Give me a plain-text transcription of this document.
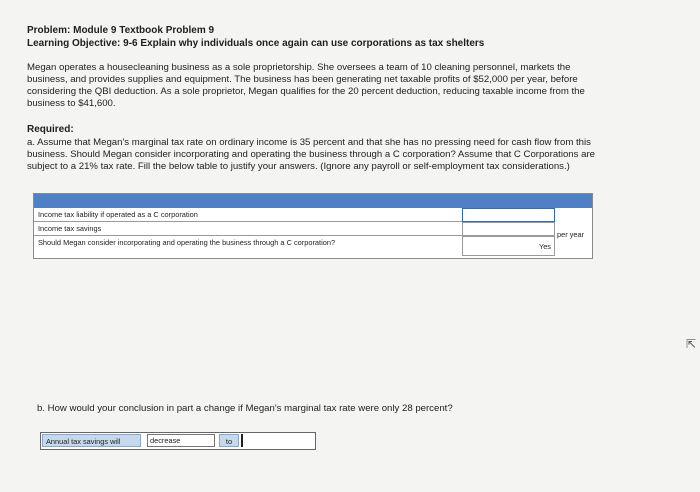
Problem: Module 9 Textbook Problem 9
Learning Objective: 9-6 Explain why individuals once again can use corporations as tax shelters
Megan operates a housecleaning business as a sole proprietorship. She oversees a team of 10 cleaning personnel, markets the
business, and provides supplies and equipment. The business has been generating net taxable profits of $52,000 per year, before
considering the QBI deduction. As a sole proprietor, Megan qualifies for the 20 percent deduction, reducing taxable income from the
business to $41,600.
Required:
a. Assume that Megan's marginal tax rate on ordinary income is 35 percent and that she has no pressing need for cash flow from this
business. Should Megan consider incorporating and operating the business through a C corporation? Assume that C Corporations are
subject to a 21% tax rate. Fill the below table to justify your answers. (Ignore any payroll or self-employment tax considerations.)
Income tax liability if operated as a C corporation
Income tax savings
Should Megan consider incorporating and operating the business through a C corporation?	Yes
per year
b. How would your conclusion in part a change if Megan's marginal tax rate were only 28 percent?
Annual tax savings will	decrease	to
⇱
